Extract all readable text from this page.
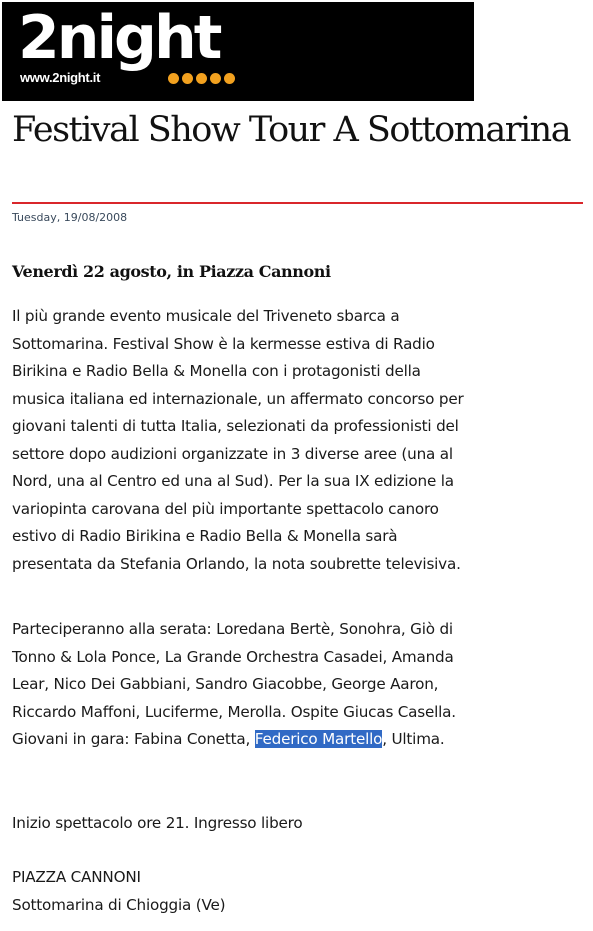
2night
www.2night.it
Festival Show Tour A Sottomarina
Tuesday, 19/08/2008
Venerdì 22 agosto, in Piazza Cannoni
Il più grande evento musicale del Triveneto sbarca a
Sottomarina. Festival Show è la kermesse estiva di Radio
Birikina e Radio Bella & Monella con i protagonisti della
musica italiana ed internazionale, un affermato concorso per
giovani talenti di tutta Italia, selezionati da professionisti del
settore dopo audizioni organizzate in 3 diverse aree (una al
Nord, una al Centro ed una al Sud). Per la sua IX edizione la
variopinta carovana del più importante spettacolo canoro
estivo di Radio Birikina e Radio Bella & Monella sarà
presentata da Stefania Orlando, la nota soubrette televisiva.
Parteciperanno alla serata: Loredana Bertè, Sonohra, Giò di
Tonno & Lola Ponce, La Grande Orchestra Casadei, Amanda
Lear, Nico Dei Gabbiani, Sandro Giacobbe, George Aaron,
Riccardo Maffoni, Luciferme, Merolla. Ospite Giucas Casella.
Giovani in gara: Fabina Conetta, Federico Martello, Ultima.
Inizio spettacolo ore 21. Ingresso libero
PIAZZA CANNONI
Sottomarina di Chioggia (Ve)
